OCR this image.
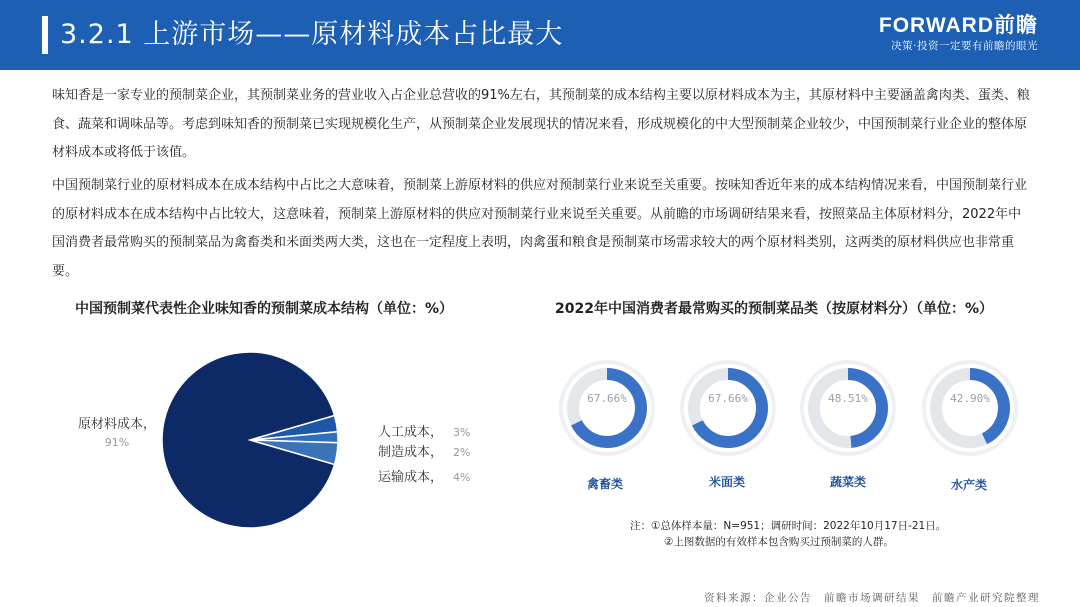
3.2.1 上游市场——原材料成本占比最大	FORWARD前瞻
决策·投资一定要有前瞻的眼光

味知香是一家专业的预制菜企业，其预制菜业务的营业收入占企业总营收的91%左右，其预制菜的成本结构主要以原材料成本为主，其原材料中主要涵盖禽肉类、蛋类、粮食、蔬菜和调味品等。考虑到味知香的预制菜已实现规模化生产，从预制菜企业发展现状的情况来看，形成规模化的中大型预制菜企业较少，中国预制菜行业企业的整体原材料成本或将低于该值。

中国预制菜行业的原材料成本在成本结构中占比之大意味着，预制菜上游原材料的供应对预制菜行业来说至关重要。按味知香近年来的成本结构情况来看，中国预制菜行业的原材料成本在成本结构中占比较大，这意味着，预制菜上游原材料的供应对预制菜行业来说至关重要。从前瞻的市场调研结果来看，按照菜品主体原材料分，2022年中国消费者最常购买的预制菜品为禽畜类和米面类两大类，这也在一定程度上表明，肉禽蛋和粮食是预制菜市场需求较大的两个原材料类别，这两类的原材料供应也非常重要。

中国预制菜代表性企业味知香的预制菜成本结构（单位：%）	2022年中国消费者最常购买的预制菜品类（按原材料分）（单位：%）
原材料成本，
91%
人工成本， 3%
制造成本， 2%
运输成本， 4%
67.66%	67.66%	48.51%	42.90%
禽畜类	米面类	蔬菜类	水产类
注：①总体样本量：N=951；调研时间：2022年10月17日-21日。
②上图数据的有效样本包含购买过预制菜的人群。
资料来源：企业公告　前瞻市场调研结果　前瞻产业研究院整理
